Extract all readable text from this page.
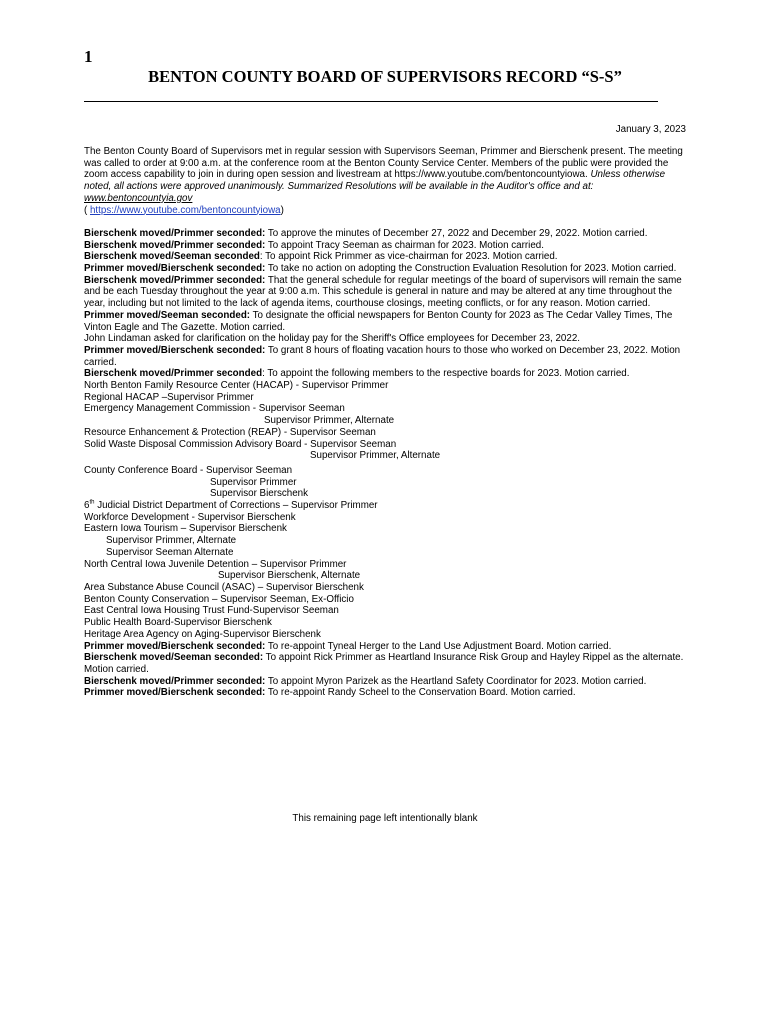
1
BENTON COUNTY BOARD OF SUPERVISORS RECORD “S-S”
January 3, 2023

The Benton County Board of Supervisors met in regular session with Supervisors Seeman, Primmer and Bierschenk present. The meeting was called to order at 9:00 a.m. at the conference room at the Benton County Service Center. Members of the public were provided the zoom access capability to join in during open session and livestream at https://www.youtube.com/bentoncountyiowa. Unless otherwise noted, all actions were approved unanimously. Summarized Resolutions will be available in the Auditor's office and at: www.bentoncountyia.gov

( https://www.youtube.com/bentoncountyiowa)

Bierschenk moved/Primmer seconded: To approve the minutes of December 27, 2022 and December 29, 2022. Motion carried.

Bierschenk moved/Primmer seconded: To appoint Tracy Seeman as chairman for 2023. Motion carried.

Bierschenk moved/Seeman seconded: To appoint Rick Primmer as vice-chairman for 2023. Motion carried.

Primmer moved/Bierschenk seconded: To take no action on adopting the Construction Evaluation Resolution for 2023. Motion carried.

Bierschenk moved/Primmer seconded: That the general schedule for regular meetings of the board of supervisors will remain the same and be each Tuesday throughout the year at 9:00 a.m. This schedule is general in nature and may be altered at any time throughout the year, including but not limited to the lack of agenda items, courthouse closings, meeting conflicts, or for any reason. Motion carried.

Primmer moved/Seeman seconded: To designate the official newspapers for Benton County for 2023 as The Cedar Valley Times, The Vinton Eagle and The Gazette. Motion carried.

John Lindaman asked for clarification on the holiday pay for the Sheriff's Office employees for December 23, 2022.

Primmer moved/Bierschenk seconded: To grant 8 hours of floating vacation hours to those who worked on December 23, 2022. Motion carried.

Bierschenk moved/Primmer seconded: To appoint the following members to the respective boards for 2023. Motion carried.

North Benton Family Resource Center (HACAP) - Supervisor Primmer

Regional HACAP –Supervisor Primmer

Emergency Management Commission - Supervisor Seeman

Supervisor Primmer, Alternate

Resource Enhancement & Protection (REAP) - Supervisor Seeman

Solid Waste Disposal Commission Advisory Board - Supervisor Seeman

Supervisor Primmer, Alternate

County Conference Board - Supervisor Seeman

Supervisor Primmer

Supervisor Bierschenk

6th Judicial District Department of Corrections – Supervisor Primmer

Workforce Development - Supervisor Bierschenk

Eastern Iowa Tourism – Supervisor Bierschenk

Supervisor Primmer, Alternate

Supervisor Seeman Alternate

North Central Iowa Juvenile Detention – Supervisor Primmer

Supervisor Bierschenk, Alternate

Area Substance Abuse Council (ASAC) – Supervisor Bierschenk

Benton County Conservation – Supervisor Seeman, Ex-Officio

East Central Iowa Housing Trust Fund-Supervisor Seeman

Public Health Board-Supervisor Bierschenk

Heritage Area Agency on Aging-Supervisor Bierschenk

Primmer moved/Bierschenk seconded: To re-appoint Tyneal Herger to the Land Use Adjustment Board. Motion carried.

Bierschenk moved/Seeman seconded: To appoint Rick Primmer as Heartland Insurance Risk Group and Hayley Rippel as the alternate. Motion carried.

Bierschenk moved/Primmer seconded: To appoint Myron Parizek as the Heartland Safety Coordinator for 2023. Motion carried.

Primmer moved/Bierschenk seconded: To re-appoint Randy Scheel to the Conservation Board. Motion carried.

This remaining page left intentionally blank
